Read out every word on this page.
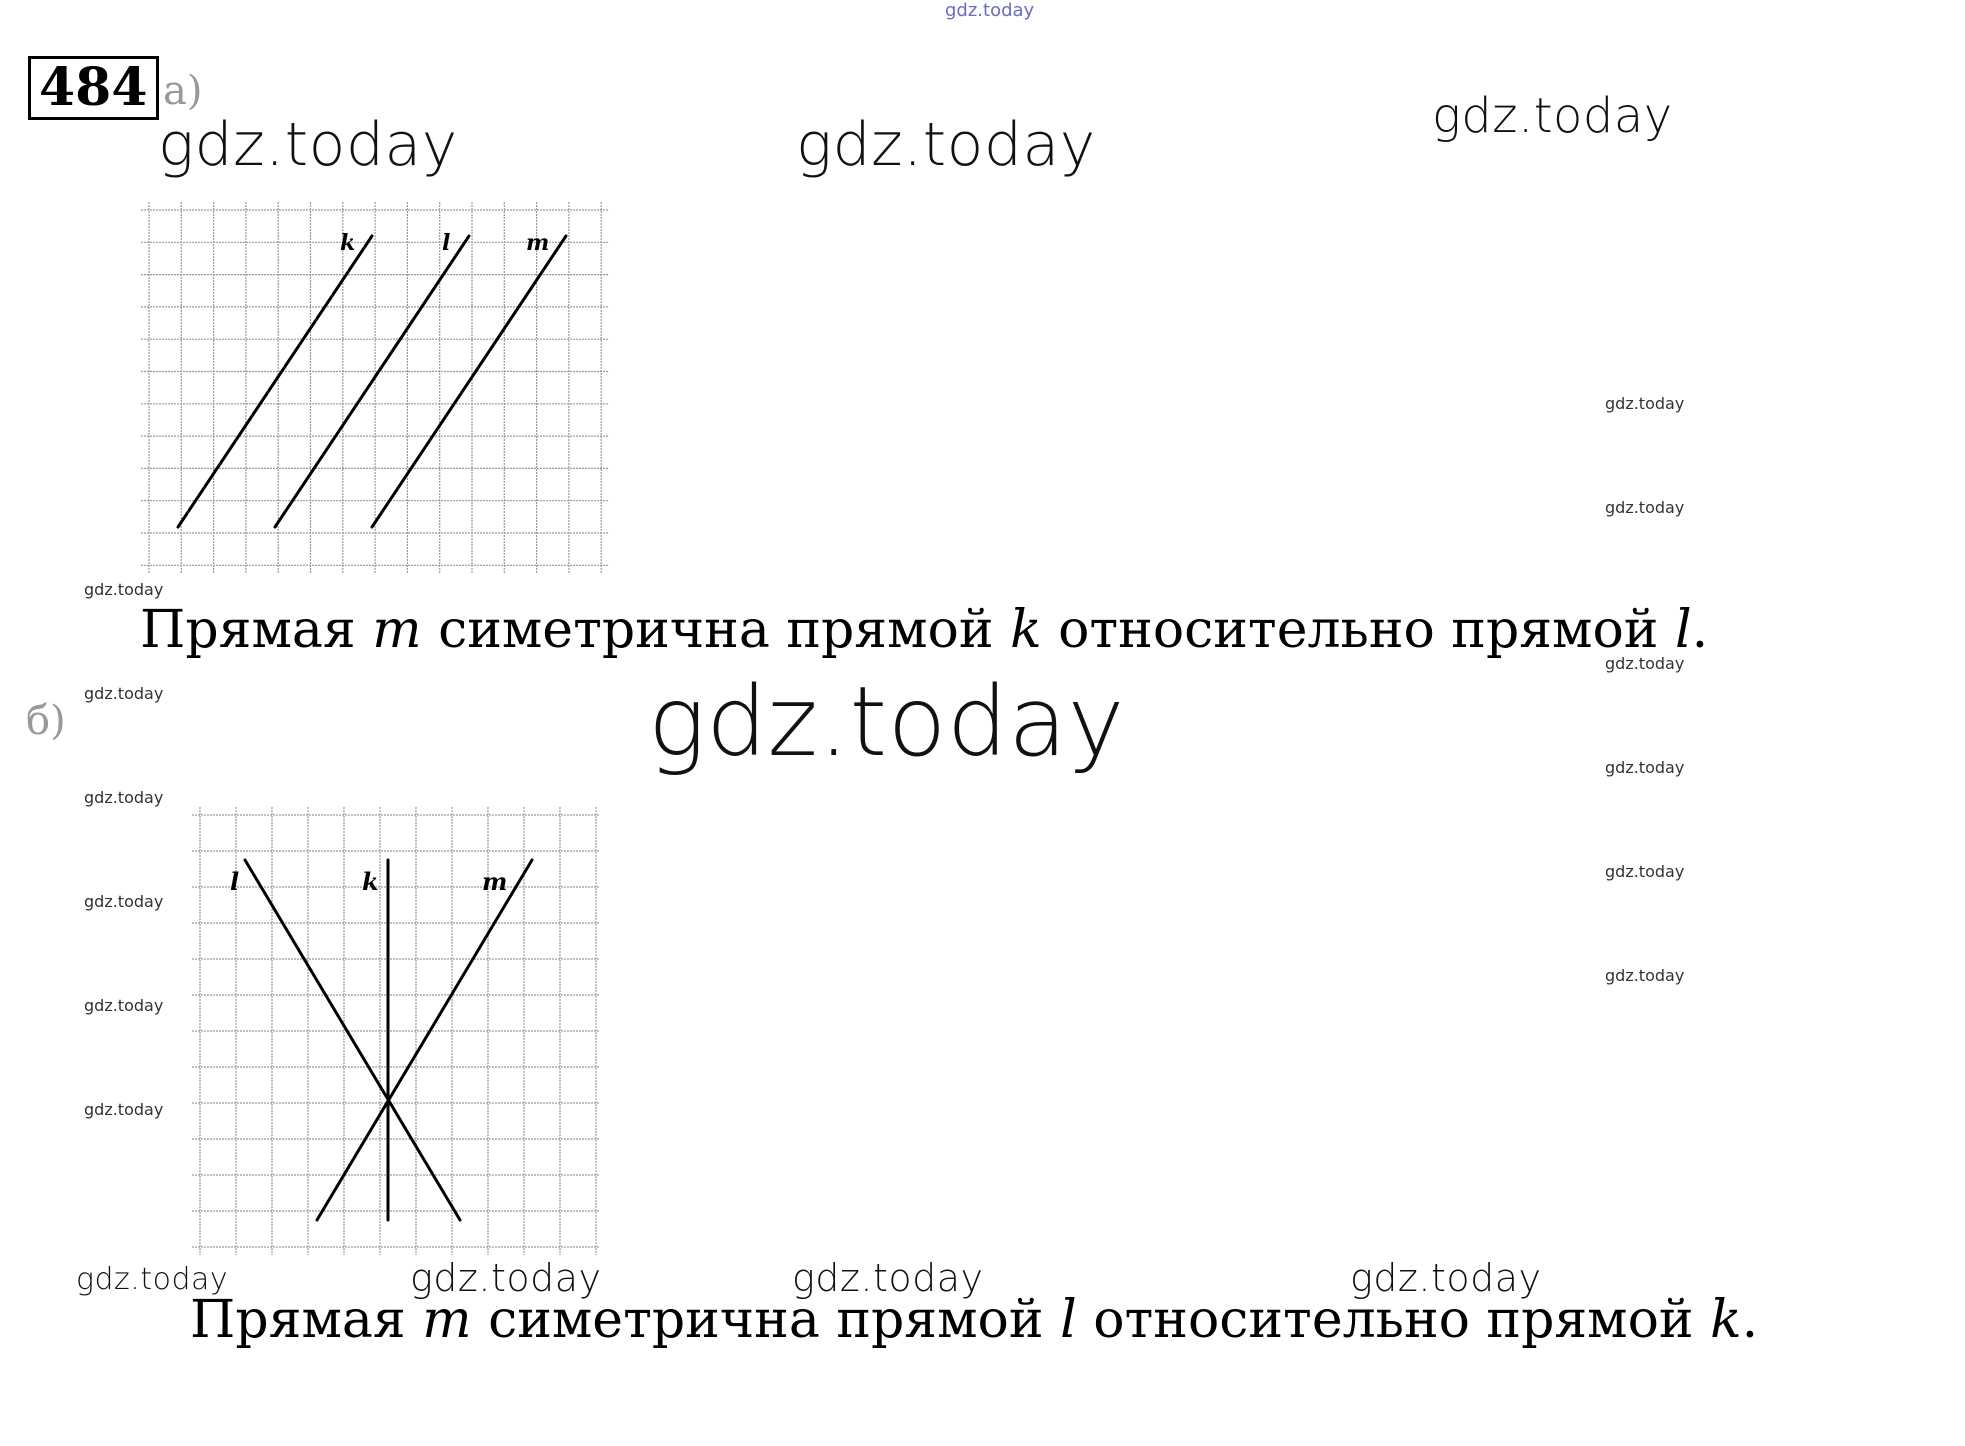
gdz.today
484 а)
gdz.today	gdz.today	gdz.today
k	l	m
gdz.today
gdz.today
gdz.today
gdz.today
gdz.today
gdz.today
gdz.today
gdz.today
gdz.today
gdz.today
gdz.today
gdz.today
Прямая m симетрична прямой k относительно прямой l.
б)	gdz.today
l	k	m
gdz.today	gdz.today	gdz.today	gdz.today
Прямая m симетрична прямой l относительно прямой k.
